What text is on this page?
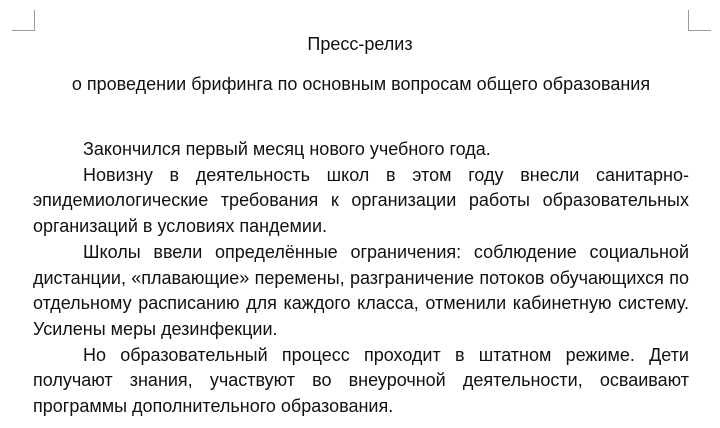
Пресс-релиз
о проведении брифинга по основным вопросам общего образования

Закончился первый месяц нового учебного года.

Новизну в деятельность школ в этом году внесли санитарно-эпидемиологические требования к организации работы образовательных организаций в условиях пандемии.

Школы ввели определённые ограничения: соблюдение социальной дистанции, «плавающие» перемены, разграничение потоков обучающихся по отдельному расписанию для каждого класса, отменили кабинетную систему. Усилены меры дезинфекции.

Но образовательный процесс проходит в штатном режиме. Дети получают знания, участвуют во внеурочной деятельности, осваивают программы дополнительного образования.
